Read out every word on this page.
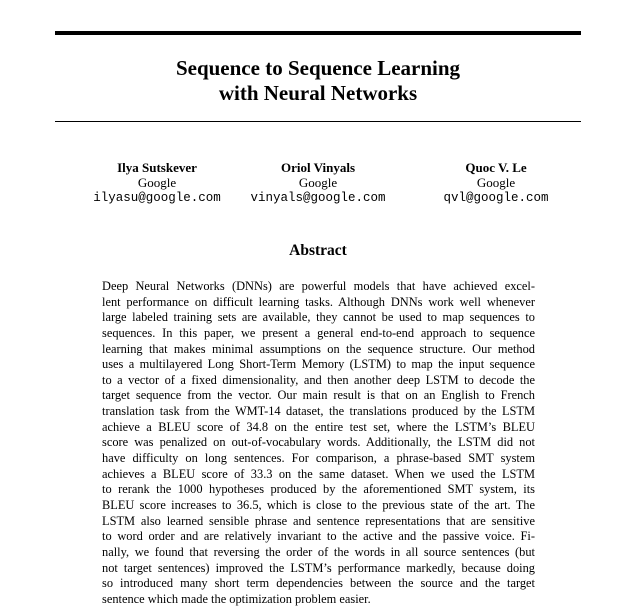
Sequence to Sequence Learning
with Neural Networks
Ilya Sutskever
Google
ilyasu@google.com
Oriol Vinyals
Google
vinyals@google.com
Quoc V. Le
Google
qvl@google.com
Abstract
Deep Neural Networks (DNNs) are powerful models that have achieved excel-
lent performance on difficult learning tasks. Although DNNs work well whenever
large labeled training sets are available, they cannot be used to map sequences to
sequences. In this paper, we present a general end-to-end approach to sequence
learning that makes minimal assumptions on the sequence structure. Our method
uses a multilayered Long Short-Term Memory (LSTM) to map the input sequence
to a vector of a fixed dimensionality, and then another deep LSTM to decode the
target sequence from the vector. Our main result is that on an English to French
translation task from the WMT-14 dataset, the translations produced by the LSTM
achieve a BLEU score of 34.8 on the entire test set, where the LSTM’s BLEU
score was penalized on out-of-vocabulary words. Additionally, the LSTM did not
have difficulty on long sentences. For comparison, a phrase-based SMT system
achieves a BLEU score of 33.3 on the same dataset. When we used the LSTM
to rerank the 1000 hypotheses produced by the aforementioned SMT system, its
BLEU score increases to 36.5, which is close to the previous state of the art. The
LSTM also learned sensible phrase and sentence representations that are sensitive
to word order and are relatively invariant to the active and the passive voice. Fi-
nally, we found that reversing the order of the words in all source sentences (but
not target sentences) improved the LSTM’s performance markedly, because doing
so introduced many short term dependencies between the source and the target
sentence which made the optimization problem easier.
